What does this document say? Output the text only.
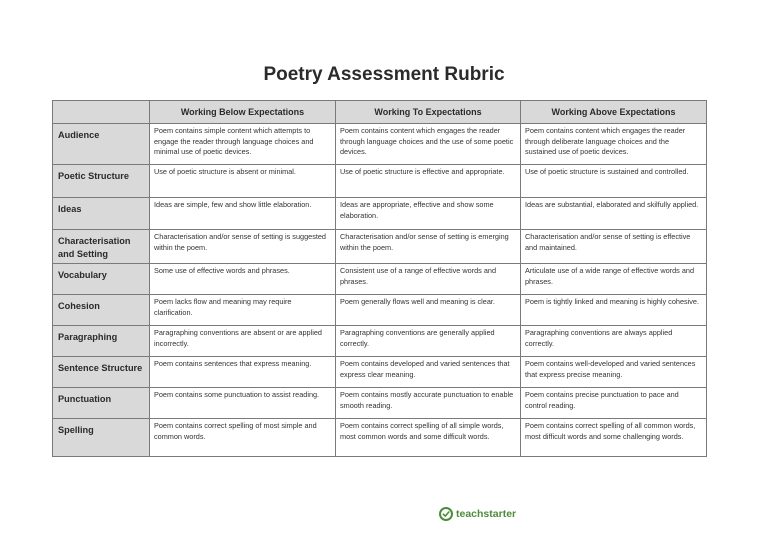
Poetry Assessment Rubric
	Working Below Expectations	Working To Expectations	Working Above Expectations
Audience	Poem contains simple content which attempts to engage the reader through language choices and minimal use of poetic devices.	Poem contains content which engages the reader through language choices and the use of some poetic devices.	Poem contains content which engages the reader through deliberate language choices and the sustained use of poetic devices.
Poetic Structure	Use of poetic structure is absent or minimal.	Use of poetic structure is effective and appropriate.	Use of poetic structure is sustained and controlled.
Ideas	Ideas are simple, few and show little elaboration.	Ideas are appropriate, effective and show some elaboration.	Ideas are substantial, elaborated and skilfully applied.
Characterisation and Setting	Characterisation and/or sense of setting is suggested within the poem.	Characterisation and/or sense of setting is emerging within the poem.	Characterisation and/or sense of setting is effective and maintained.
Vocabulary	Some use of effective words and phrases.	Consistent use of a range of effective words and phrases.	Articulate use of a wide range of effective words and phrases.
Cohesion	Poem lacks flow and meaning may require clarification.	Poem generally flows well and meaning is clear.	Poem is tightly linked and meaning is highly cohesive.
Paragraphing	Paragraphing conventions are absent or are applied incorrectly.	Paragraphing conventions are generally applied correctly.	Paragraphing conventions are always applied correctly.
Sentence Structure	Poem contains sentences that express meaning.	Poem contains developed and varied sentences that express clear meaning.	Poem contains well-developed and varied sentences that express precise meaning.
Punctuation	Poem contains some punctuation to assist reading.	Poem contains mostly accurate punctuation to enable smooth reading.	Poem contains precise punctuation to pace and control reading.
Spelling	Poem contains correct spelling of most simple and common words.	Poem contains correct spelling of all simple words, most common words and some difficult words.	Poem contains correct spelling of all common words, most difficult words and some challenging words.
teachstarter
